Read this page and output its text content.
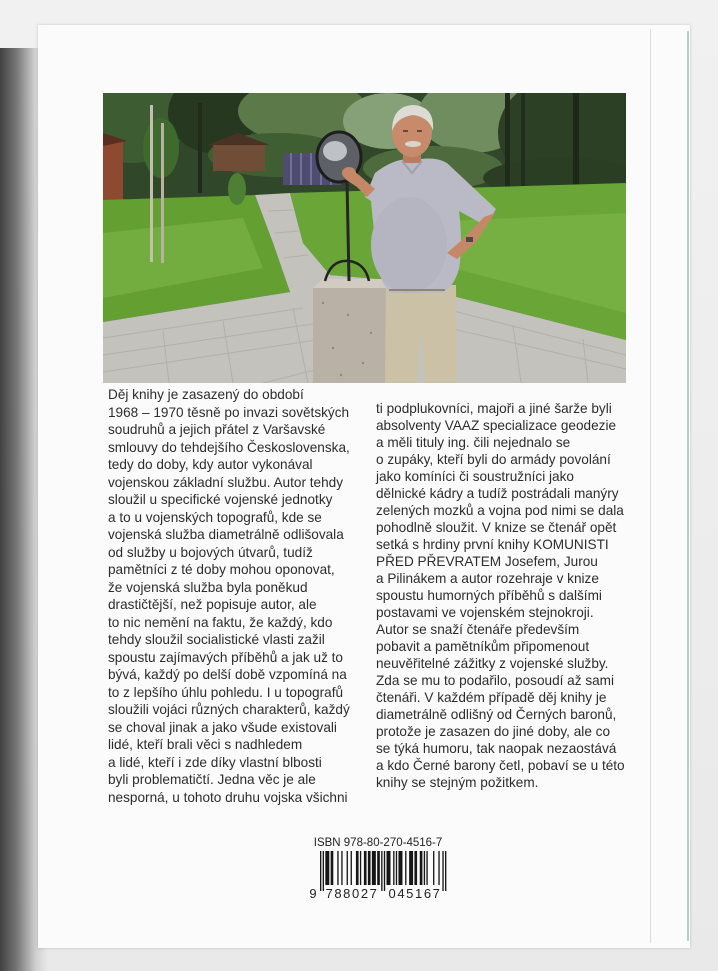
Děj knihy je zasazený do období
1968 – 1970 těsně po invazi sovětských
soudruhů a jejich přátel z Varšavské
smlouvy do tehdejšího Československa,
tedy do doby, kdy autor vykonával
vojenskou základní službu. Autor tehdy
sloužil u specifické vojenské jednotky
a to u vojenských topografů, kde se
vojenská služba diametrálně odlišovala
od služby u bojových útvarů, tudíž
pamětníci z té doby mohou oponovat,
že vojenská služba byla poněkud
drastičtější, než popisuje autor, ale
to nic nemění na faktu, že každý, kdo
tehdy sloužil socialistické vlasti zažil
spoustu zajímavých příběhů a jak už to
bývá, každý po delší době vzpomíná na
to z lepšího úhlu pohledu. I u topografů
sloužili vojáci různých charakterů, každý
se choval jinak a jako všude existovali
lidé, kteří brali věci s nadhledem
a lidé, kteří i zde díky vlastní blbosti
byli problematičtí. Jedna věc je ale
nesporná, u tohoto druhu vojska všichni
ti podplukovníci, majoři a jiné šarže byli
absolventy VAAZ specializace geodezie
a měli tituly ing. čili nejednalo se
o zupáky, kteří byli do armády povolání
jako komíníci či soustružníci jako
dělnické kádry a tudíž postrádali manýry
zelených mozků a vojna pod nimi se dala
pohodlně sloužit. V knize se čtenář opět
setká s hrdiny první knihy KOMUNISTI
PŘED PŘEVRATEM Josefem, Jurou
a Pilinákem a autor rozehraje v knize
spoustu humorných příběhů s dalšími
postavami ve vojenském stejnokroji.
Autor se snaží čtenáře především
pobavit a pamětníkům připomenout
neuvěřitelné zážitky z vojenské služby.
Zda se mu to podařilo, posoudí až sami
čtenáři. V každém případě děj knihy je
diametrálně odlišný od Černých baronů,
protože je zasazen do jiné doby, ale co
se týká humoru, tak naopak nezaostává
a kdo Černé barony četl, pobaví se u této
knihy se stejným požitkem.
ISBN 978-80-270-4516-7
9 788027 045167
